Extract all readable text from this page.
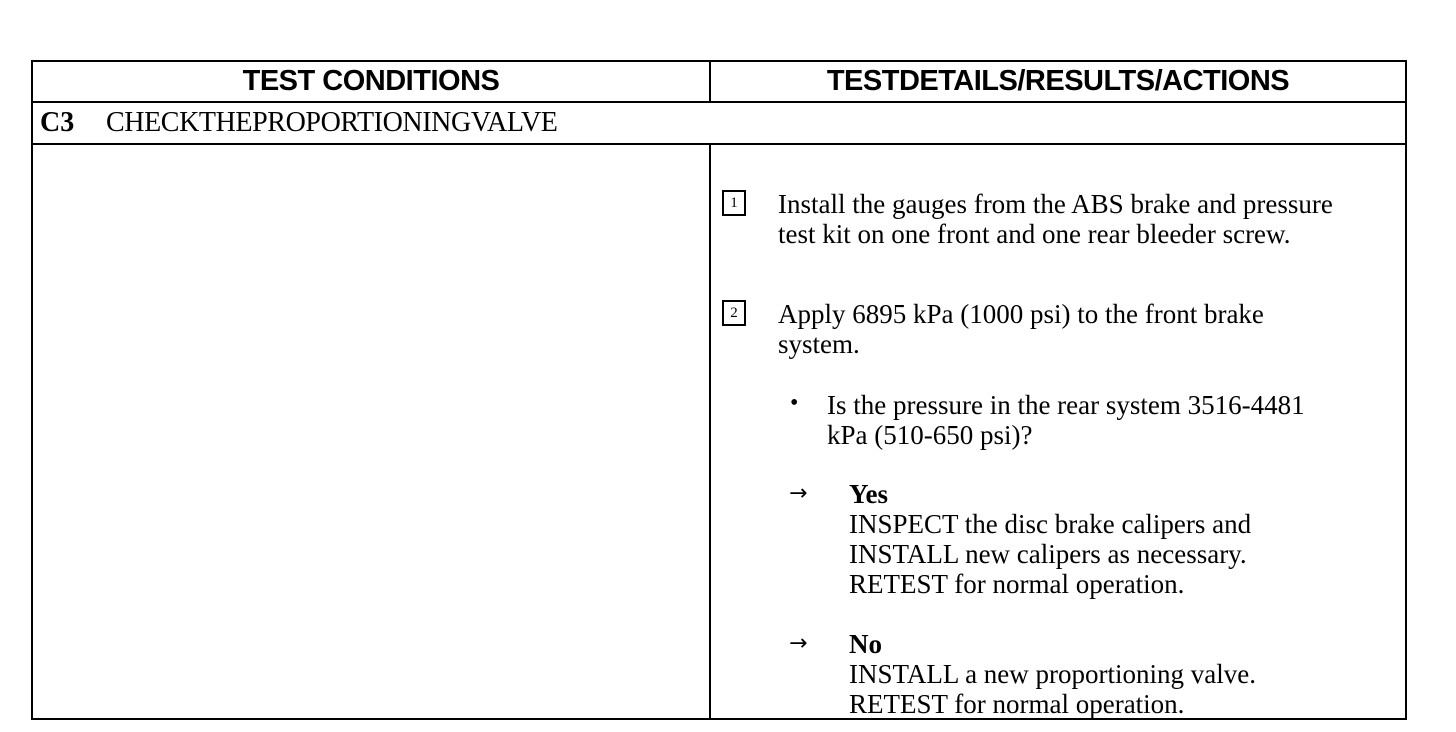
TEST CONDITIONS	TESTDETAILS/RESULTS/ACTIONS
C3	CHECKTHEPROPORTIONINGVALVE
1	Install the gauges from the ABS brake and pressure
test kit on one front and one rear bleeder screw.
2	Apply 6895 kPa (1000 psi) to the front brake
system.
• Is the pressure in the rear system 3516-4481
kPa (510-650 psi)?
→ Yes
INSPECT the disc brake calipers and
INSTALL new calipers as necessary.
RETEST for normal operation.
→ No
INSTALL a new proportioning valve.
RETEST for normal operation.
